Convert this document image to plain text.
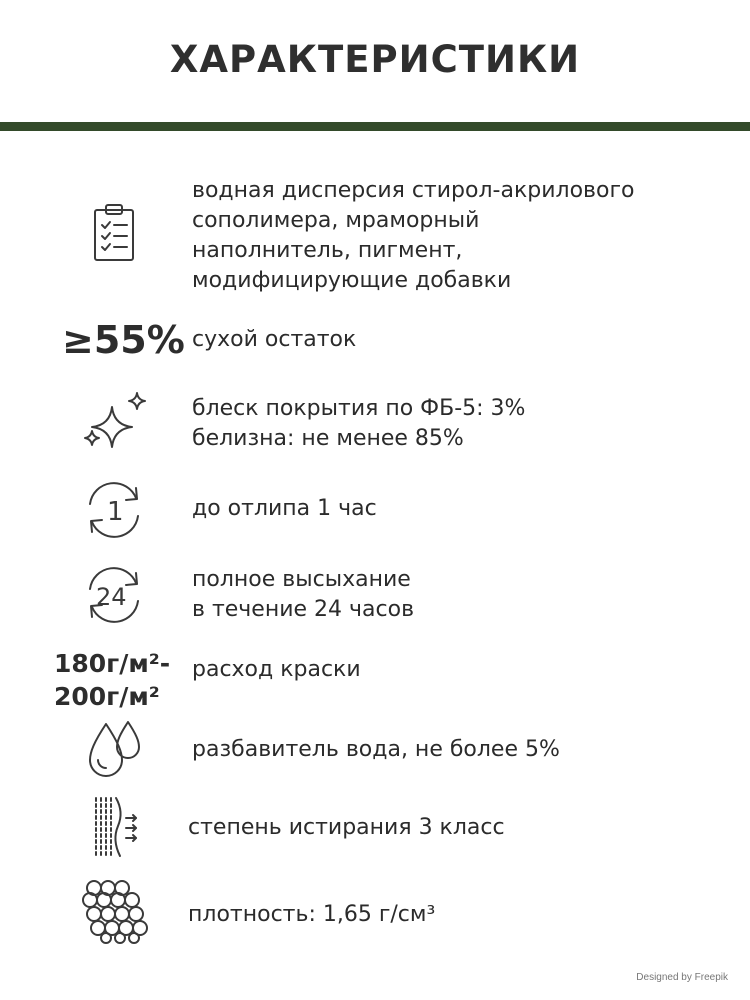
ХАРАКТЕРИСТИКИ
водная дисперсия стирол-акрилового
сополимера, мраморный
наполнитель, пигмент,
модифицирующие добавки
≥55% сухой остаток
блеск покрытия по ФБ-5: 3%
белизна: не менее 85%
1	до отлипа 1 час
24
полное высыхание
в течение 24 часов
180г/м²-
200г/м²
расход краски
разбавитель вода, не более 5%
степень истирания 3 класс
плотность: 1,65 г/см³
Designed by Freepik
